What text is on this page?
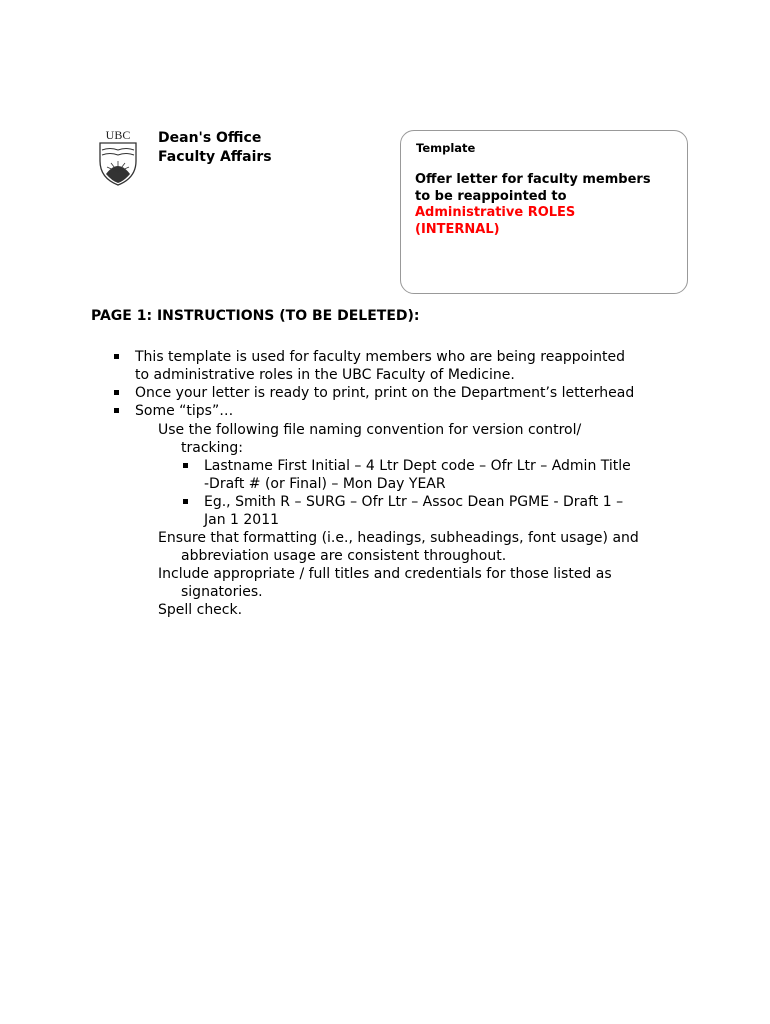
UBC Dean's Office
Faculty Affairs
Template
Offer letter for faculty members
to be reappointed to
Administrative ROLES
(INTERNAL)
PAGE 1: INSTRUCTIONS (TO BE DELETED):
This template is used for faculty members who are being reappointed
to administrative roles in the UBC Faculty of Medicine.
Once your letter is ready to print, print on the Department’s letterhead
Some “tips”…
Use the following file naming convention for version control/
tracking:
Lastname First Initial – 4 Ltr Dept code – Ofr Ltr – Admin Title
-Draft # (or Final) – Mon Day YEAR
Eg., Smith R – SURG – Ofr Ltr – Assoc Dean PGME - Draft 1 –
Jan 1 2011
Ensure that formatting (i.e., headings, subheadings, font usage) and
abbreviation usage are consistent throughout.
Include appropriate / full titles and credentials for those listed as
signatories.
Spell check.
